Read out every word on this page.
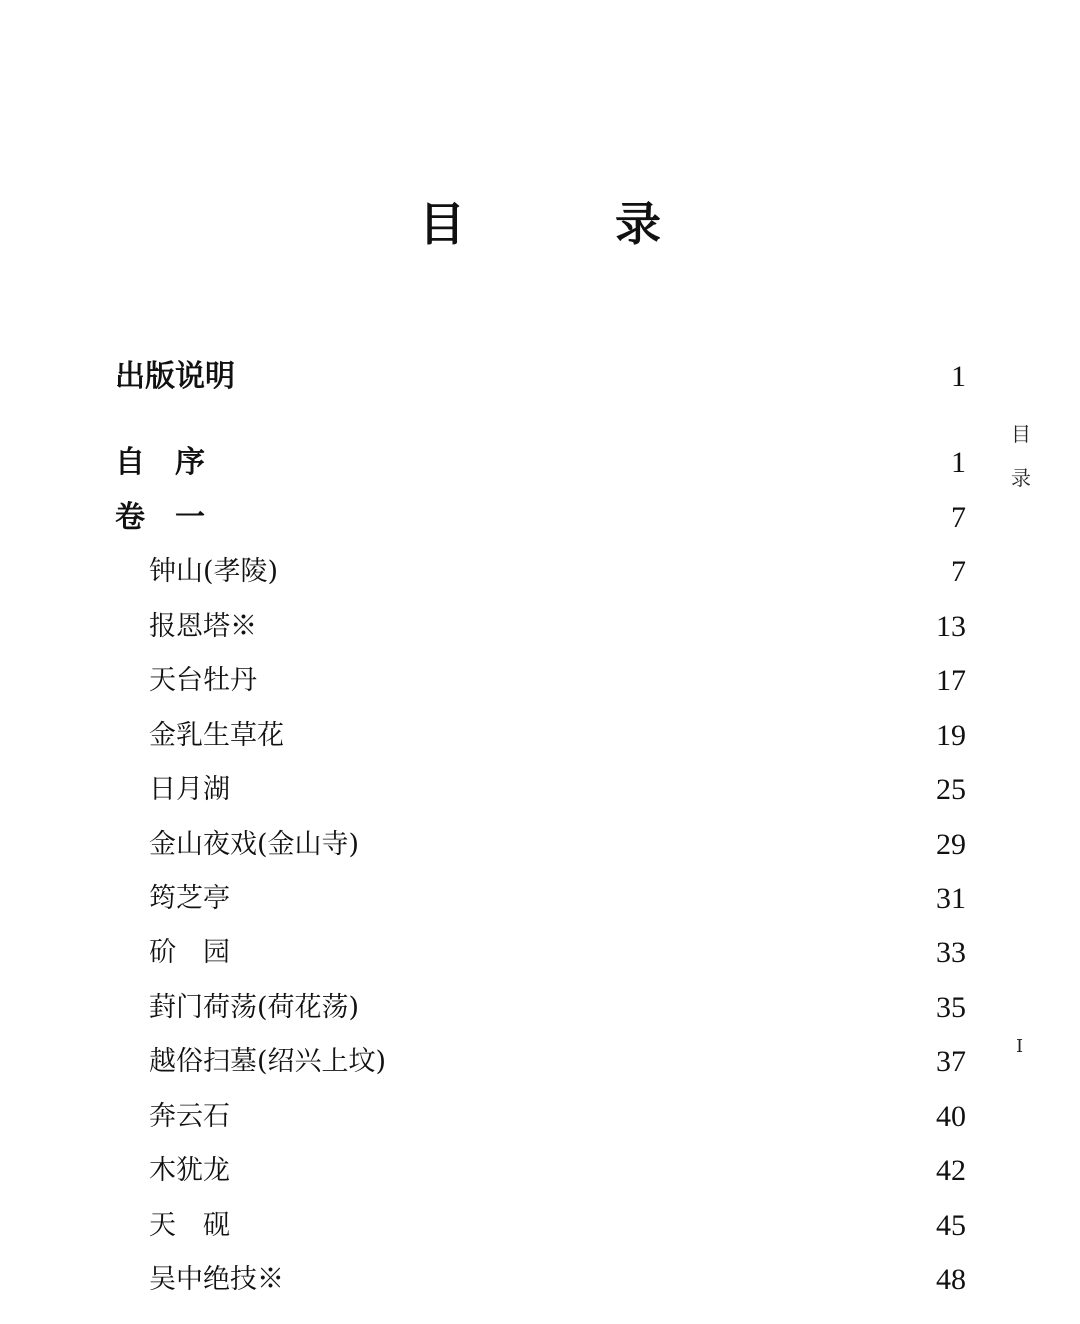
目　录
出版说明	1
自　序	1
卷　一	7
钟山(孝陵)	7
报恩塔※	13
天台牡丹	17
金乳生草花	19
日月湖	25
金山夜戏(金山寺)	29
筠芝亭	31
砎　园	33
葑门荷荡(荷花荡)	35
越俗扫墓(绍兴上坟)	37
奔云石	40
木犹龙	42
天　砚	45
吴中绝技※	48
目
录
I
